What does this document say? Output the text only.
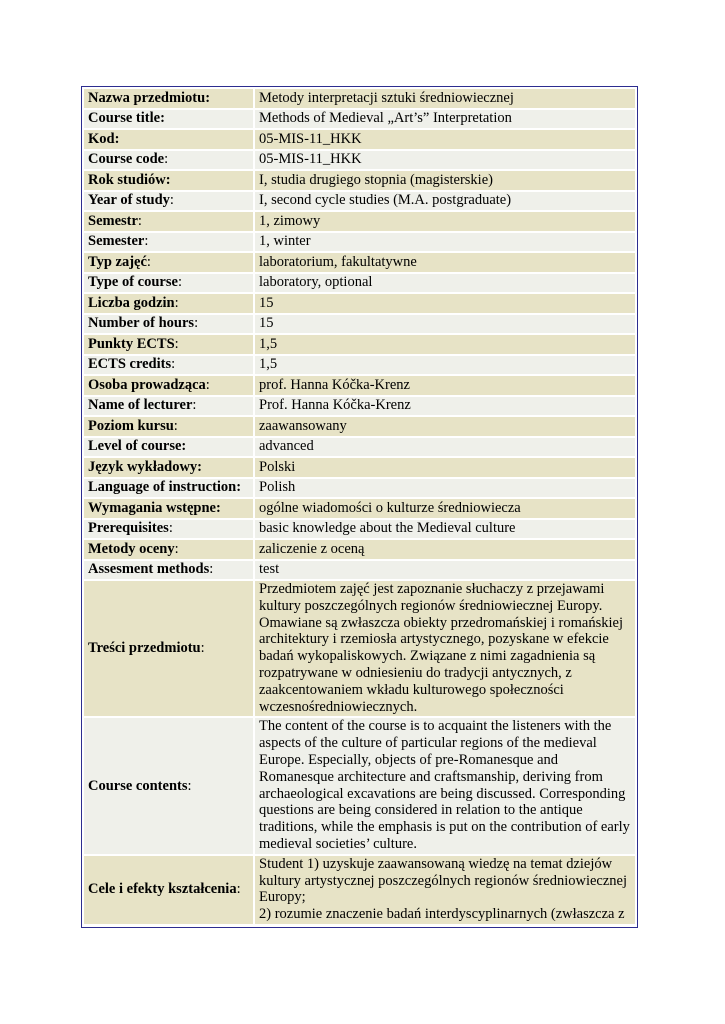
Nazwa przedmiotu:	Metody interpretacji sztuki średniowiecznej
Course title:	Methods of Medieval „Art’s” Interpretation
Kod:	05-MIS-11_HKK
Course code:	05-MIS-11_HKK
Rok studiów:	I, studia drugiego stopnia (magisterskie)
Year of study:	I, second cycle studies (M.A. postgraduate)
Semestr:	1, zimowy
Semester:	1, winter
Typ zajęć:	laboratorium, fakultatywne
Type of course:	laboratory, optional
Liczba godzin:	15
Number of hours:	15
Punkty ECTS:	1,5
ECTS credits:	1,5
Osoba prowadząca:	prof. Hanna Kóčka-Krenz
Name of lecturer:	Prof. Hanna Kóčka-Krenz
Poziom kursu:	zaawansowany
Level of course:	advanced
Język wykładowy:	Polski
Language of instruction:	Polish
Wymagania wstępne:	ogólne wiadomości o kulturze średniowiecza
Prerequisites:	basic knowledge about the Medieval culture
Metody oceny:	zaliczenie z oceną
Assesment methods:	test
Treści przedmiotu:	Przedmiotem zajęć jest zapoznanie słuchaczy z przejawami kultury poszczególnych regionów średniowiecznej Europy. Omawiane są zwłaszcza obiekty przedromańskiej i romańskiej architektury i rzemiosła artystycznego, pozyskane w efekcie badań wykopaliskowych. Związane z nimi zagadnienia są rozpatrywane w odniesieniu do tradycji antycznych, z zaakcentowaniem wkładu kulturowego społeczności wczesnośredniowiecznych.
Course contents:	The content of the course is to acquaint the listeners with the aspects of the culture of particular regions of the medieval Europe. Especially, objects of pre-Romanesque and Romanesque architecture and craftsmanship, deriving from archaeological excavations are being discussed. Corresponding questions are being considered in relation to the antique traditions, while the emphasis is put on the contribution of early medieval societies’ culture.
Cele i efekty kształcenia:	Student 1) uzyskuje zaawansowaną wiedzę na temat dziejów kultury artystycznej poszczególnych regionów średniowiecznej Europy;
2) rozumie znaczenie badań interdyscyplinarnych (zwłaszcza z
